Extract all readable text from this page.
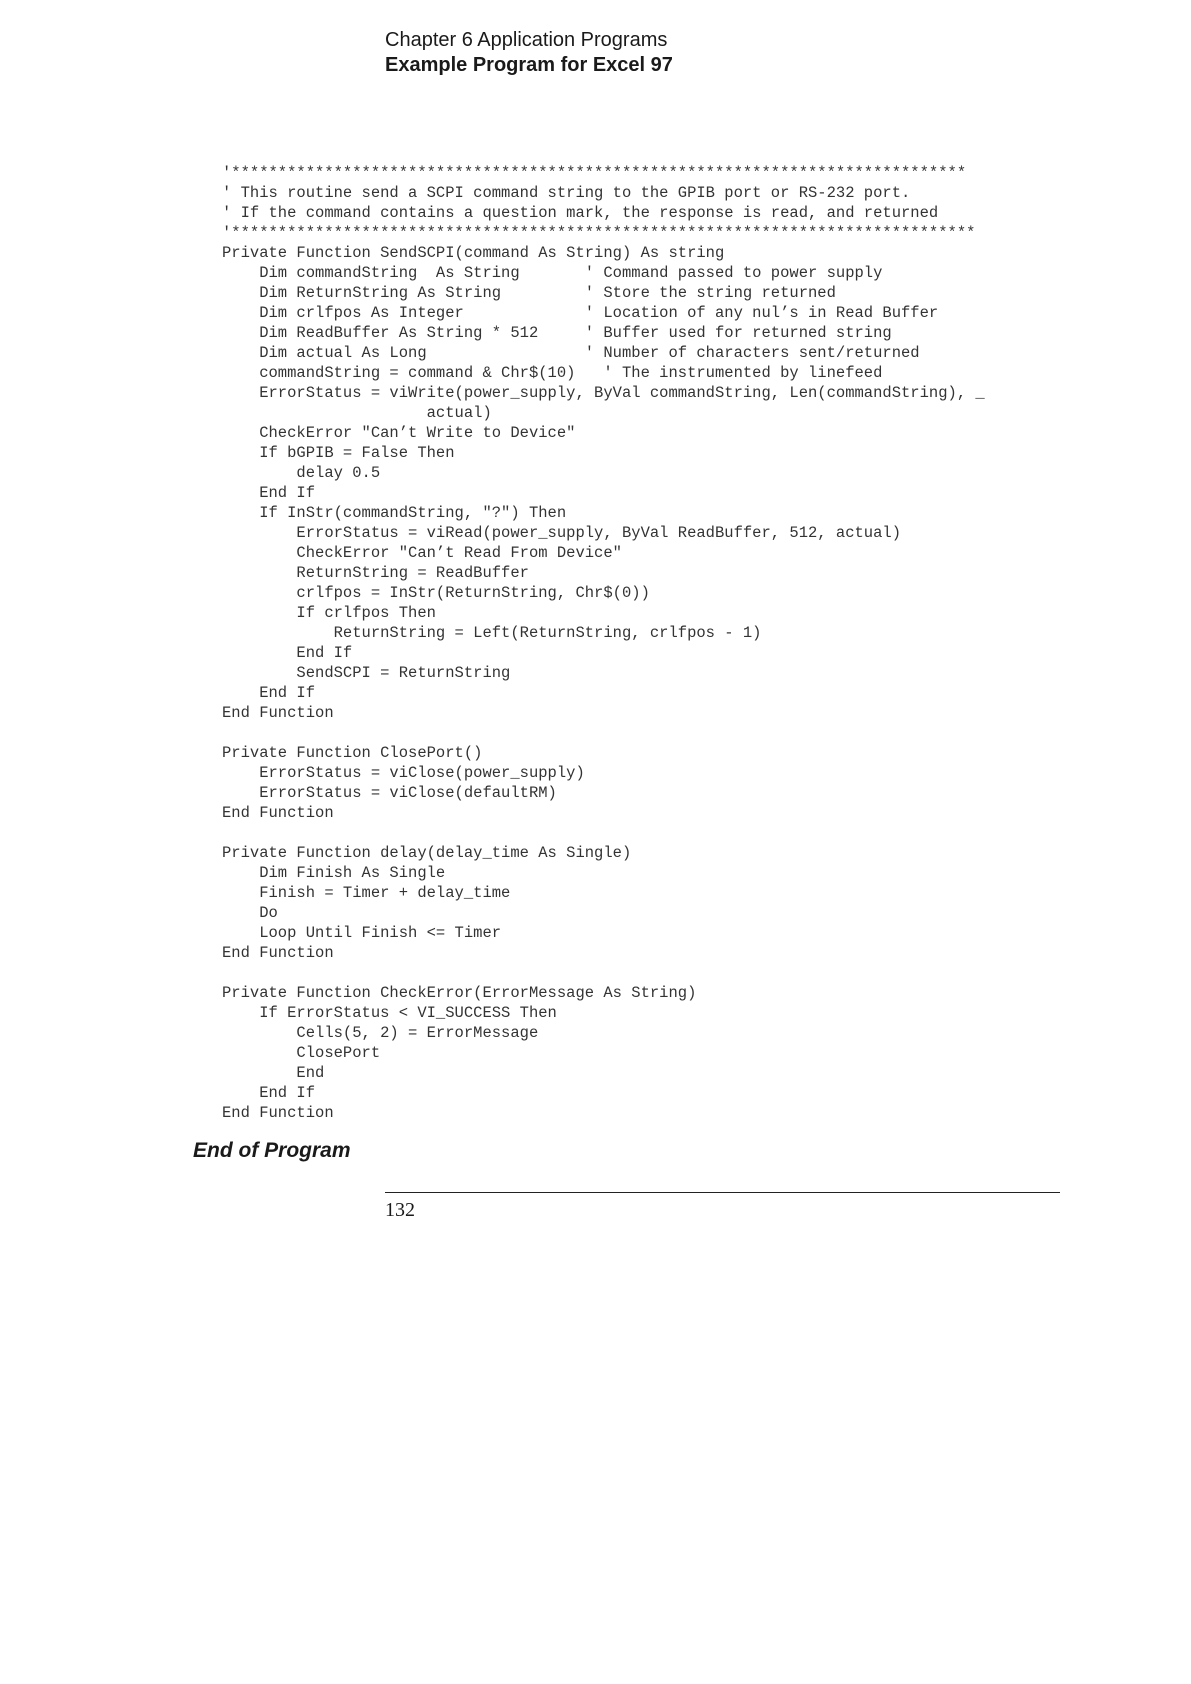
Chapter 6 Application Programs
Example Program for Excel 97
'*******************************************************************************
' This routine send a SCPI command string to the GPIB port or RS-232 port.
' If the command contains a question mark, the response is read, and returned
'********************************************************************************
Private Function SendSCPI(command As String) As string
Dim commandString  As String       ' Command passed to power supply
Dim ReturnString As String         ' Store the string returned
Dim crlfpos As Integer             ' Location of any nul’s in Read Buffer
Dim ReadBuffer As String * 512     ' Buffer used for returned string
Dim actual As Long                 ' Number of characters sent/returned
commandString = command & Chr$(10)   ' The instrumented by linefeed
ErrorStatus = viWrite(power_supply, ByVal commandString, Len(commandString), _
actual)
CheckError "Can’t Write to Device"
If bGPIB = False Then
delay 0.5
End If
If InStr(commandString, "?") Then
ErrorStatus = viRead(power_supply, ByVal ReadBuffer, 512, actual)
CheckError "Can’t Read From Device"
ReturnString = ReadBuffer
crlfpos = InStr(ReturnString, Chr$(0))
If crlfpos Then
ReturnString = Left(ReturnString, crlfpos - 1)
End If
SendSCPI = ReturnString
End If
End Function
Private Function ClosePort()
ErrorStatus = viClose(power_supply)
ErrorStatus = viClose(defaultRM)
End Function
Private Function delay(delay_time As Single)
Dim Finish As Single
Finish = Timer + delay_time
Do
Loop Until Finish <= Timer
End Function
Private Function CheckError(ErrorMessage As String)
If ErrorStatus < VI_SUCCESS Then
Cells(5, 2) = ErrorMessage
ClosePort
End
End If
End Function
End of Program
132
